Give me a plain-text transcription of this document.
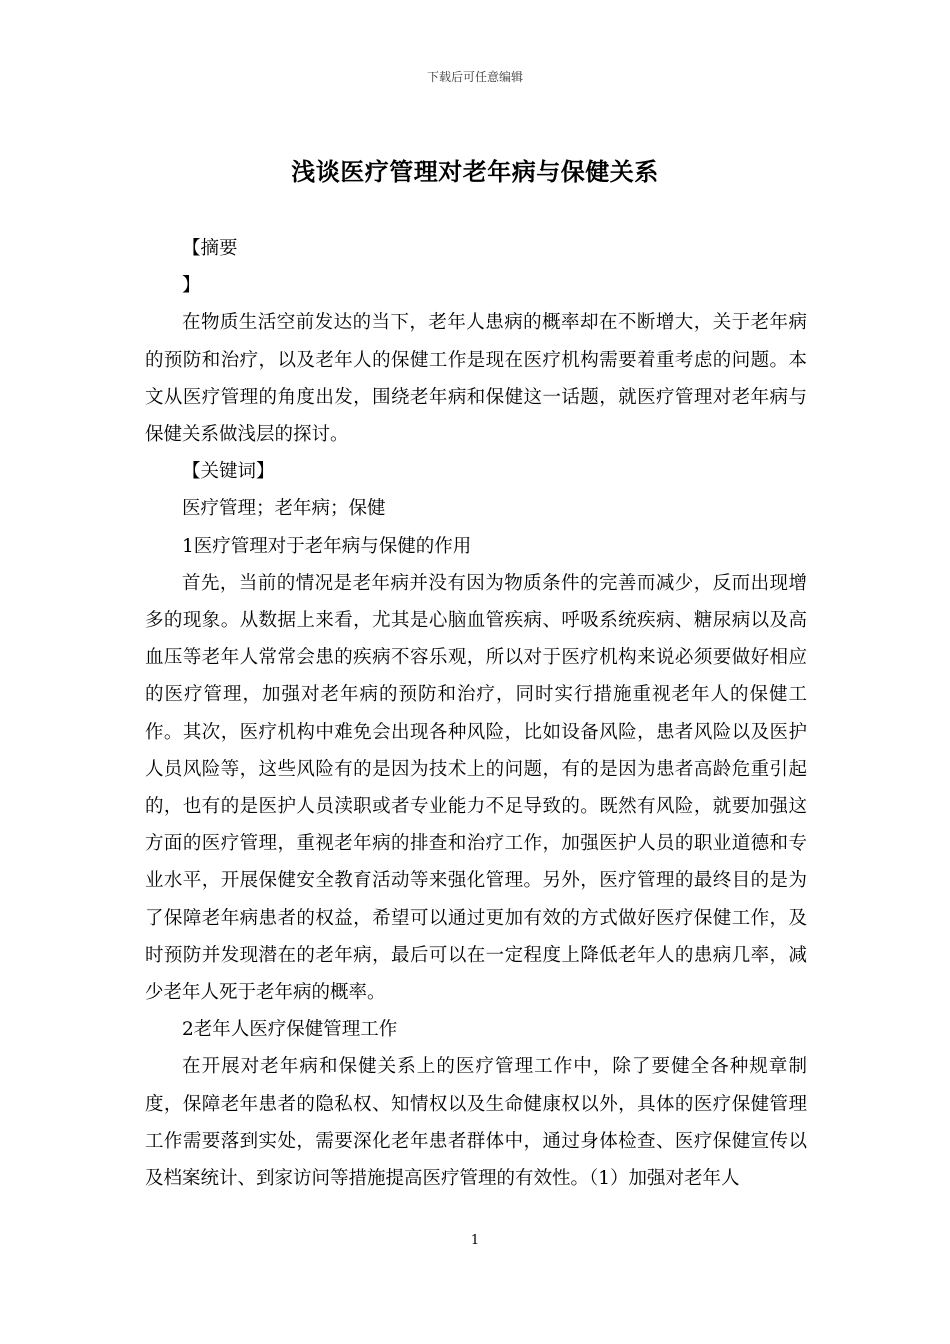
下载后可任意编辑
浅谈医疗管理对老年病与保健关系

【摘要

】

在物质生活空前发达的当下，老年人患病的概率却在不断增大，关于老年病的预防和治疗，以及老年人的保健工作是现在医疗机构需要着重考虑的问题。本文从医疗管理的角度出发，围绕老年病和保健这一话题，就医疗管理对老年病与保健关系做浅层的探讨。

【关键词】

医疗管理；老年病；保健

1医疗管理对于老年病与保健的作用

首先，当前的情况是老年病并没有因为物质条件的完善而减少，反而出现增多的现象。从数据上来看，尤其是心脑血管疾病、呼吸系统疾病、糖尿病以及高血压等老年人常常会患的疾病不容乐观，所以对于医疗机构来说必须要做好相应的医疗管理，加强对老年病的预防和治疗，同时实行措施重视老年人的保健工作。其次，医疗机构中难免会出现各种风险，比如设备风险，患者风险以及医护人员风险等，这些风险有的是因为技术上的问题，有的是因为患者高龄危重引起的，也有的是医护人员渎职或者专业能力不足导致的。既然有风险，就要加强这方面的医疗管理，重视老年病的排查和治疗工作，加强医护人员的职业道德和专业水平，开展保健安全教育活动等来强化管理。另外，医疗管理的最终目的是为了保障老年病患者的权益，希望可以通过更加有效的方式做好医疗保健工作，及时预防并发现潜在的老年病，最后可以在一定程度上降低老年人的患病几率，减少老年人死于老年病的概率。

2老年人医疗保健管理工作

在开展对老年病和保健关系上的医疗管理工作中，除了要健全各种规章制度，保障老年患者的隐私权、知情权以及生命健康权以外，具体的医疗保健管理工作需要落到实处，需要深化老年患者群体中，通过身体检查、医疗保健宣传以及档案统计、到家访问等措施提高医疗管理的有效性。（1）加强对老年人

1
